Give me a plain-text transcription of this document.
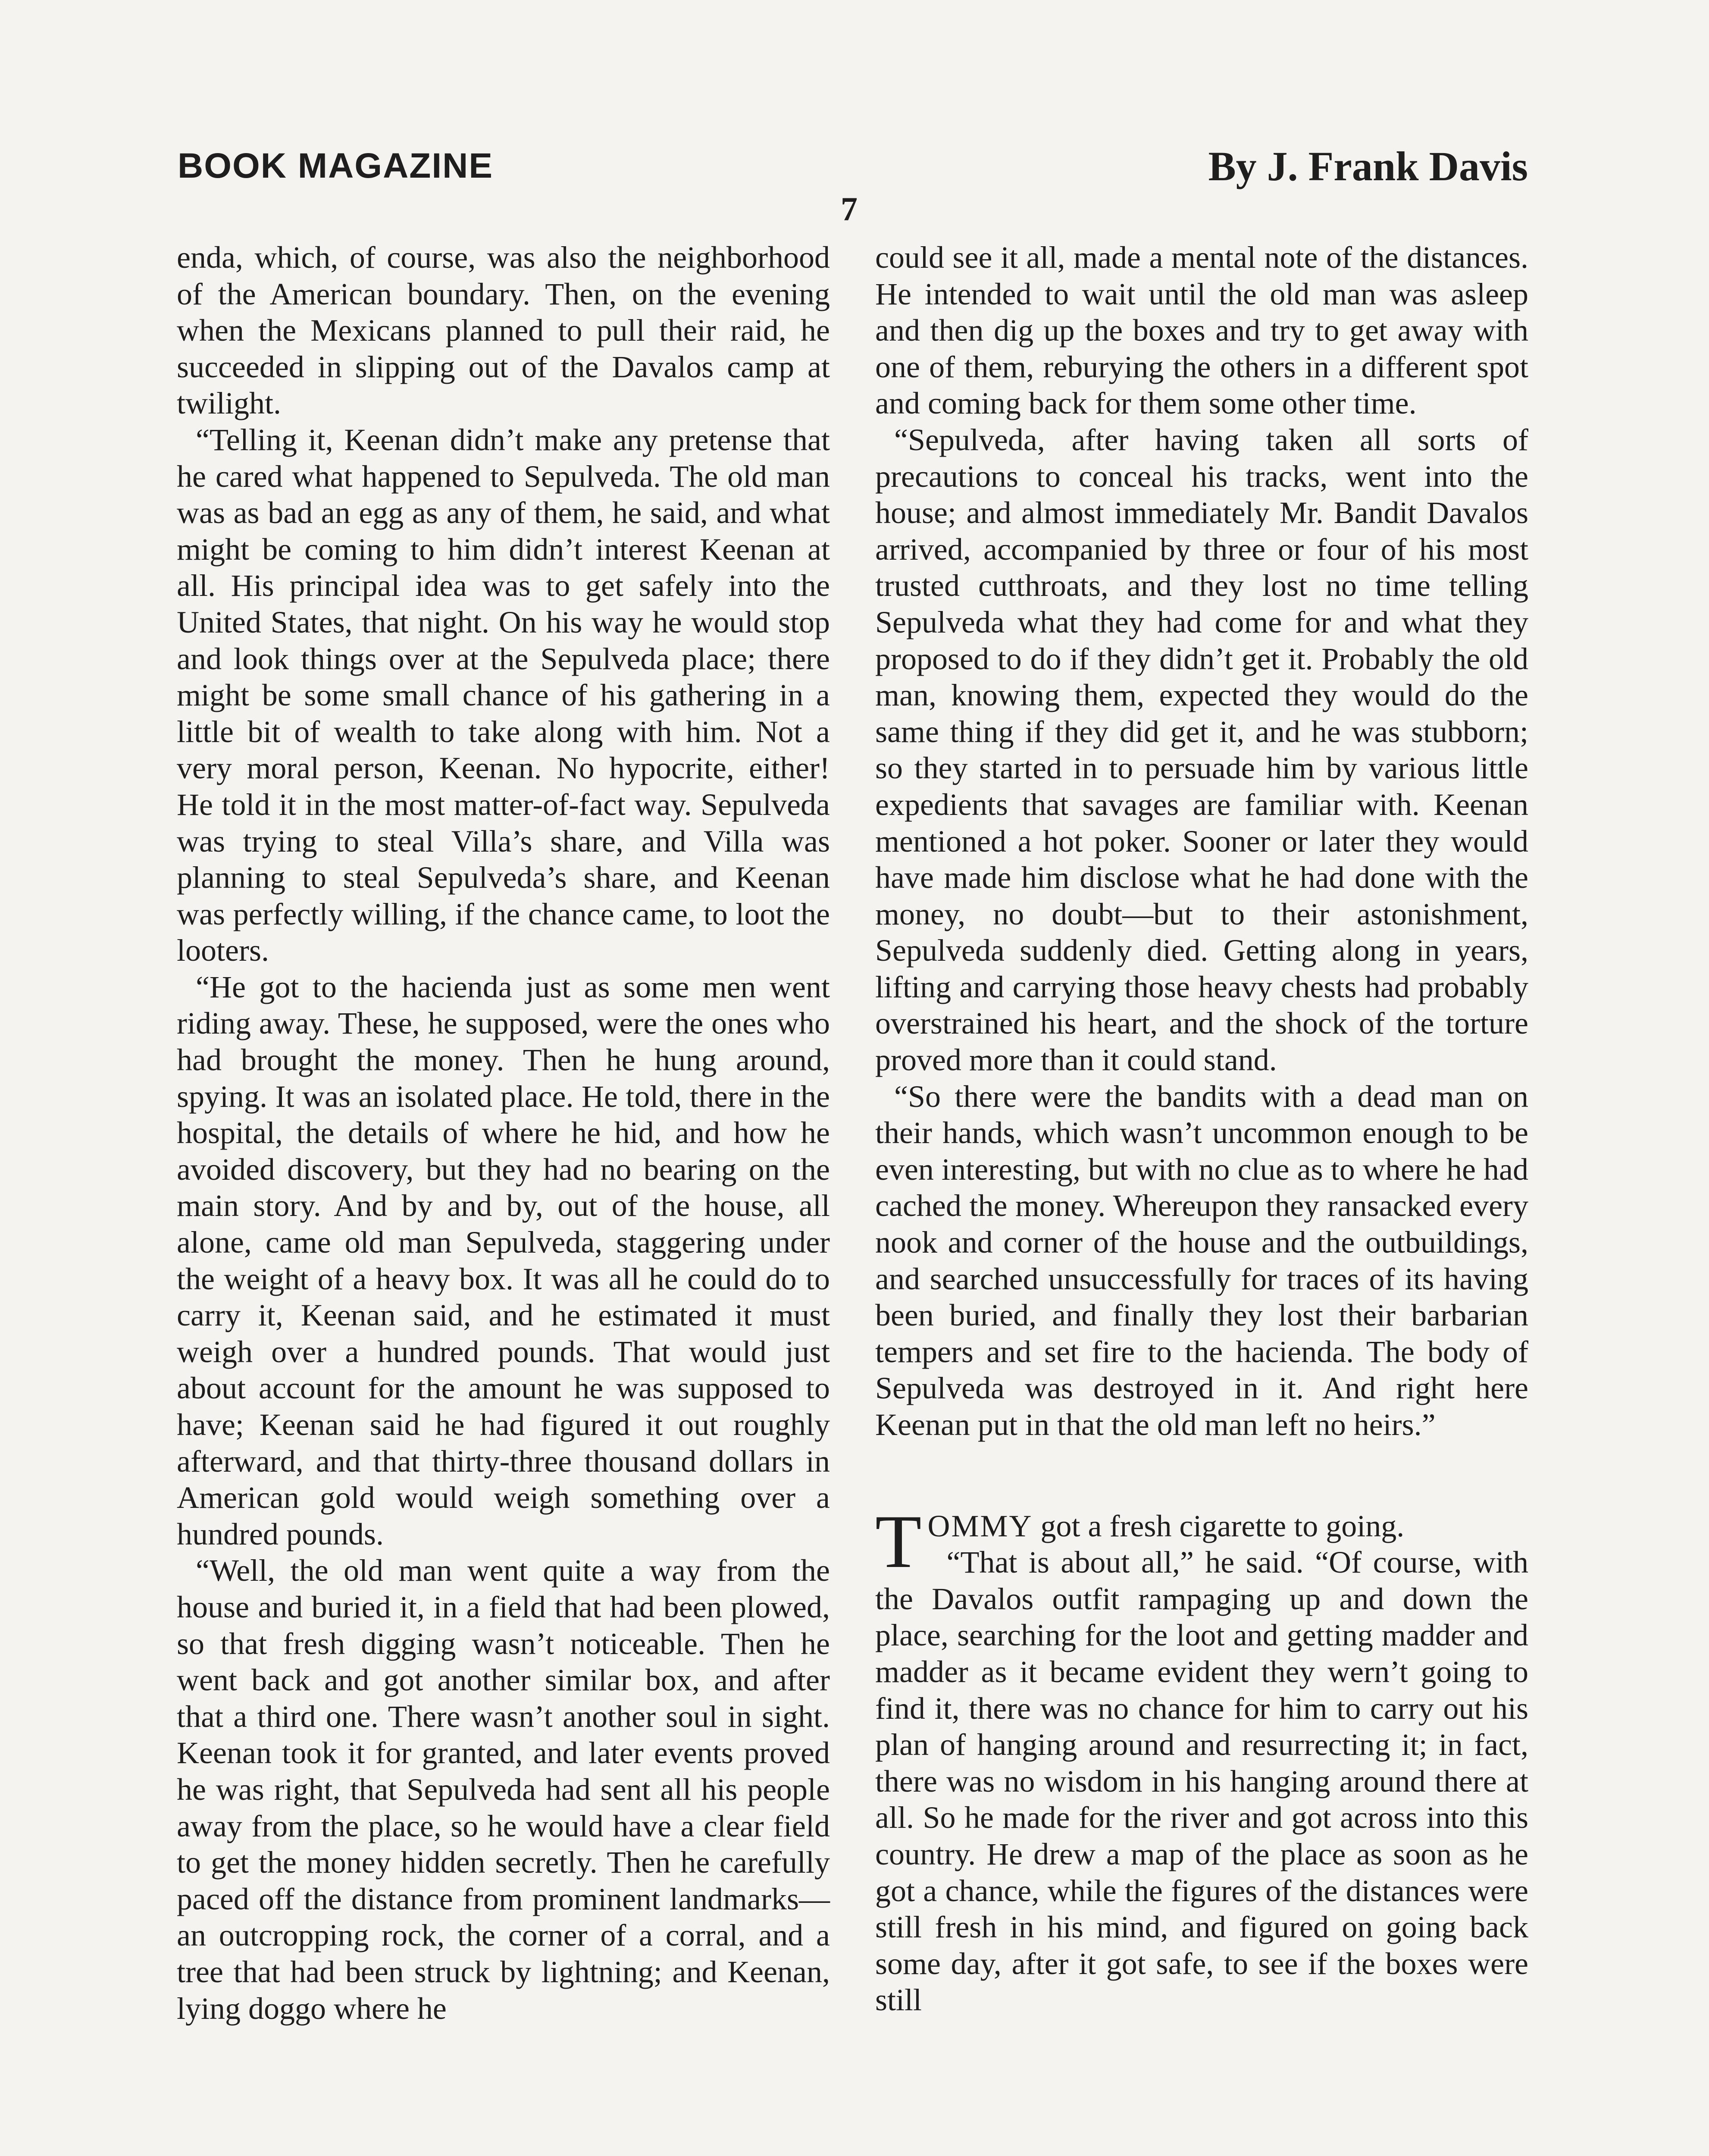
BOOK MAGAZINE	By J. Frank Davis
7

enda, which, of course, was also the neighborhood of the American boundary. Then, on the evening when the Mexicans planned to pull their raid, he succeeded in slipping out of the Davalos camp at twilight.

“Telling it, Keenan didn’t make any pretense that he cared what happened to Sepulveda. The old man was as bad an egg as any of them, he said, and what might be coming to him didn’t interest Keenan at all. His principal idea was to get safely into the United States, that night. On his way he would stop and look things over at the Sepulveda place; there might be some small chance of his gathering in a little bit of wealth to take along with him. Not a very moral person, Keenan. No hypocrite, either! He told it in the most matter-of-fact way. Sepulveda was trying to steal Villa’s share, and Villa was planning to steal Sepulveda’s share, and Keenan was perfectly willing, if the chance came, to loot the looters.

“He got to the hacienda just as some men went riding away. These, he supposed, were the ones who had brought the money. Then he hung around, spying. It was an isolated place. He told, there in the hospital, the details of where he hid, and how he avoided discovery, but they had no bearing on the main story. And by and by, out of the house, all alone, came old man Sepulveda, staggering under the weight of a heavy box. It was all he could do to carry it, Keenan said, and he estimated it must weigh over a hundred pounds. That would just about account for the amount he was supposed to have; Keenan said he had figured it out roughly afterward, and that thirty-three thousand dollars in American gold would weigh something over a hundred pounds.

“Well, the old man went quite a way from the house and buried it, in a field that had been plowed, so that fresh digging wasn’t noticeable. Then he went back and got another similar box, and after that a third one. There wasn’t another soul in sight. Keenan took it for granted, and later events proved he was right, that Sepulveda had sent all his people away from the place, so he would have a clear field to get the money hidden secretly. Then he carefully paced off the distance from prominent landmarks—an outcropping rock, the corner of a corral, and a tree that had been struck by lightning; and Keenan, lying doggo where he

could see it all, made a mental note of the distances. He intended to wait until the old man was asleep and then dig up the boxes and try to get away with one of them, reburying the others in a different spot and coming back for them some other time.

“Sepulveda, after having taken all sorts of precautions to conceal his tracks, went into the house; and almost immediately Mr. Bandit Davalos arrived, accompanied by three or four of his most trusted cutthroats, and they lost no time telling Sepulveda what they had come for and what they proposed to do if they didn’t get it. Probably the old man, knowing them, expected they would do the same thing if they did get it, and he was stubborn; so they started in to persuade him by various little expedients that savages are familiar with. Keenan mentioned a hot poker. Sooner or later they would have made him disclose what he had done with the money, no doubt—but to their astonishment, Sepulveda suddenly died. Getting along in years, lifting and carrying those heavy chests had probably overstrained his heart, and the shock of the torture proved more than it could stand.

“So there were the bandits with a dead man on their hands, which wasn’t uncommon enough to be even interesting, but with no clue as to where he had cached the money. Whereupon they ransacked every nook and corner of the house and the outbuildings, and searched unsuccessfully for traces of its having been buried, and finally they lost their barbarian tempers and set fire to the hacienda. The body of Sepulveda was destroyed in it. And right here Keenan put in that the old man left no heirs.”

TOMMY got a fresh cigarette to going.

“That is about all,” he said. “Of course, with the Davalos outfit rampaging up and down the place, searching for the loot and getting madder and madder as it became evident they wern’t going to find it, there was no chance for him to carry out his plan of hanging around and resurrecting it; in fact, there was no wisdom in his hanging around there at all. So he made for the river and got across into this country. He drew a map of the place as soon as he got a chance, while the figures of the distances were still fresh in his mind, and figured on going back some day, after it got safe, to see if the boxes were still
